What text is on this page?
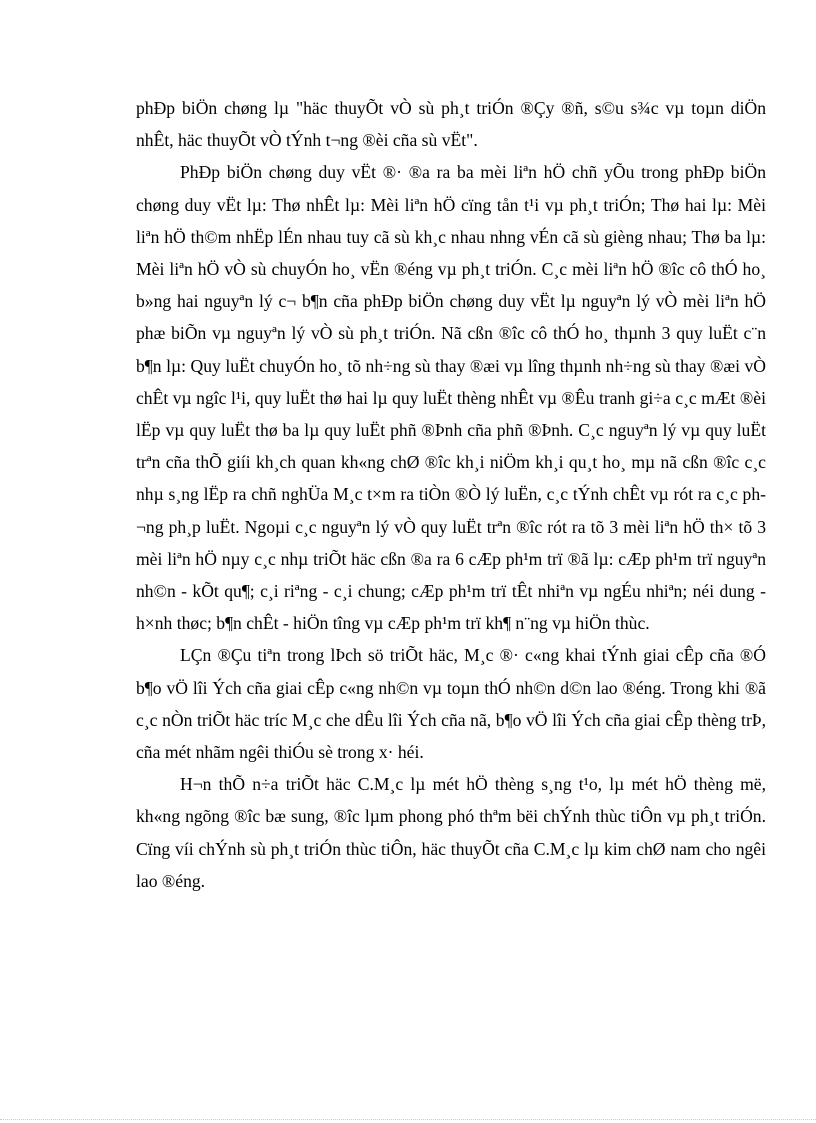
phÐp biÖn chøng lµ "häc thuyÕt vÒ sù ph¸t triÓn ®Çy ®ñ, s©u s¾c vµ toµn diÖn nhÊt, häc thuyÕt vÒ tÝnh t¬ng ®èi cña sù vËt".

PhÐp biÖn chøng duy vËt ®· ®a ra ba mèi liªn hÖ chñ yÕu trong phÐp biÖn chøng duy vËt lµ: Thø nhÊt lµ: Mèi liªn hÖ cïng tån t¹i vµ ph¸t triÓn; Thø hai lµ: Mèi liªn hÖ th©m nhËp lÉn nhau tuy cã sù kh¸c nhau nhng vÉn cã sù gièng nhau; Thø ba lµ: Mèi liªn hÖ vÒ sù chuyÓn ho¸ vËn ®éng vµ ph¸t triÓn. C¸c mèi liªn hÖ ®îc cô thÓ ho¸ b»ng hai nguyªn lý c¬ b¶n cña phÐp biÖn chøng duy vËt lµ nguyªn lý vÒ mèi liªn hÖ phæ biÕn vµ nguyªn lý vÒ sù ph¸t triÓn. Nã cßn ®îc cô thÓ ho¸ thµnh 3 quy luËt c¨n b¶n lµ: Quy luËt chuyÓn ho¸ tõ nh÷ng sù thay ®æi vµ lîng thµnh nh÷ng sù thay ®æi vÒ chÊt vµ ngîc l¹i, quy luËt thø hai lµ quy luËt thèng nhÊt vµ ®Êu tranh gi÷a c¸c mÆt ®èi lËp vµ quy luËt thø ba lµ quy luËt phñ ®Þnh cña phñ ®Þnh. C¸c nguyªn lý vµ quy luËt trªn cña thÕ giíi kh¸ch quan kh«ng chØ ®îc kh¸i niÖm kh¸i qu¸t ho¸ mµ nã cßn ®îc c¸c nhµ s¸ng lËp ra chñ nghÜa M¸c t×m ra tiÒn ®Ò lý luËn, c¸c tÝnh chÊt vµ rót ra c¸c ph¬ng ph¸p luËt. Ngoµi c¸c nguyªn lý vÒ quy luËt trªn ®îc rót ra tõ 3 mèi liªn hÖ th× tõ 3 mèi liªn hÖ nµy c¸c nhµ triÕt häc cßn ®a ra 6 cÆp ph¹m trï ®ã lµ: cÆp ph¹m trï nguyªn nh©n - kÕt qu¶; c¸i riªng - c¸i chung; cÆp ph¹m trï tÊt nhiªn vµ ngÉu nhiªn; néi dung - h×nh thøc; b¶n chÊt - hiÖn tîng vµ cÆp ph¹m trï kh¶ n¨ng vµ hiÖn thùc.

LÇn ®Çu tiªn trong lÞch sö triÕt häc, M¸c ®· c«ng khai tÝnh giai cÊp cña ®Ó b¶o vÖ lîi Ých cña giai cÊp c«ng nh©n vµ toµn thÓ nh©n d©n lao ®éng. Trong khi ®ã c¸c nÒn triÕt häc tríc M¸c che dÊu lîi Ých cña nã, b¶o vÖ lîi Ých cña giai cÊp thèng trÞ, cña mét nhãm ngêi thiÓu sè trong x· héi.

H¬n thÕ n÷a triÕt häc C.M¸c lµ mét hÖ thèng s¸ng t¹o, lµ mét hÖ thèng më, kh«ng ngõng ®îc bæ sung, ®îc lµm phong phó thªm bëi chÝnh thùc tiÔn vµ ph¸t triÓn. Cïng víi chÝnh sù ph¸t triÓn thùc tiÔn, häc thuyÕt cña C.M¸c lµ kim chØ nam cho ngêi lao ®éng.
